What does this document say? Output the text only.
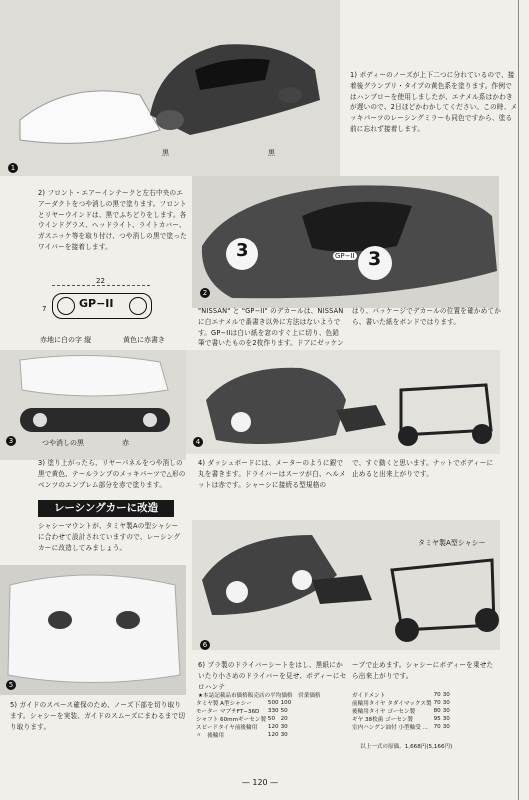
1
黒	黒
1) ボディーのノーズが上下二つに分れているので、接着後グランプリ・タイプの黄色系を塗ります。作例ではハンブローを使用しましたが、エナメル系はかわきが遅いので、2日ほどかわかしてください。この時、メッキパーツのレーシングミラーも同色ですから、塗る前に忘れず接着します。
2) フロント・エアーインテークと左右中央のエアーダクトをつや消しの黒で塗ります。フロントとリヤーウインドは、黒でふちどりをします。各ウインドグラス、ヘッドライト、ライトカバー、ガスニッケ等を取り付け、つや消しの黒で塗ったワイパーを接着します。	3	3
GP−II
2
22
7	GP−II
赤地に白の字 縦	黄色に赤書き
"NISSAN" と "GP−II" のデカールは、NISSAN に白エナメルで番書き以外に方法はないようです。GP−IIは白い紙を窓のすぐ上に切り、色鉛筆で書いたものを2枚作ります。ドアにゼッケン
はり、パッケージでデカールの位置を確かめてから、書いた紙をボンドではります。
3	つや消しの黒	赤	4
3) 塗り上がったら、リヤーパネルをつや消しの黒で黄色、テールランプのメッキパーツで△形のベンツのエンブレム部分を赤で塗ります。
4) ダッシュボードには、メーターのように銀で丸を書きます。ドライバーはスーツが白、ヘルメットは赤です。シャーシに接続る型規格の
で、すぐ動くと思います。ナットでボディーに止めると出来上がりです。
レーシングカーに改造
シャシーマウントが、タミヤ製Aの型シャシーに合わせて設計されていますので、レーシングカーに改造してみましょう。
5
タミヤ製A型シャシー
6
5) ガイドのスペース確保のため、ノーズ下部を切り取ります。シャシーを実装、ガイドのスムーズにまわるまで切り取ります。
6) プラ製のドライバーシートをはし、黒紙にかいたり小さめのドライバーを見せ、ボディーにセロハンテ
ープで止めます。シャシーにボディーを乗せたら出来上がりです。
★本誌記載品市価格販売店の平均価格　営業価格
タミヤ製 A型シャシー	500	100
モーター マブチFT−36D	330	50
シャフト 60mmギーセン製	50	20
スピードタイヤ前後輪用	120	30
〃　後輪用	120	30
ガイドメント	70	30
前輪用タイヤ タダイマックス製	70	30
後輪用タイヤ ゴーセン製	80	30
ギヤ 38枚歯 ゴーセン製	95	30
室内ハングン油付 小型軸受 ...	70	30
以上一式の原価。1,668円(5,166円)
— 120 —
